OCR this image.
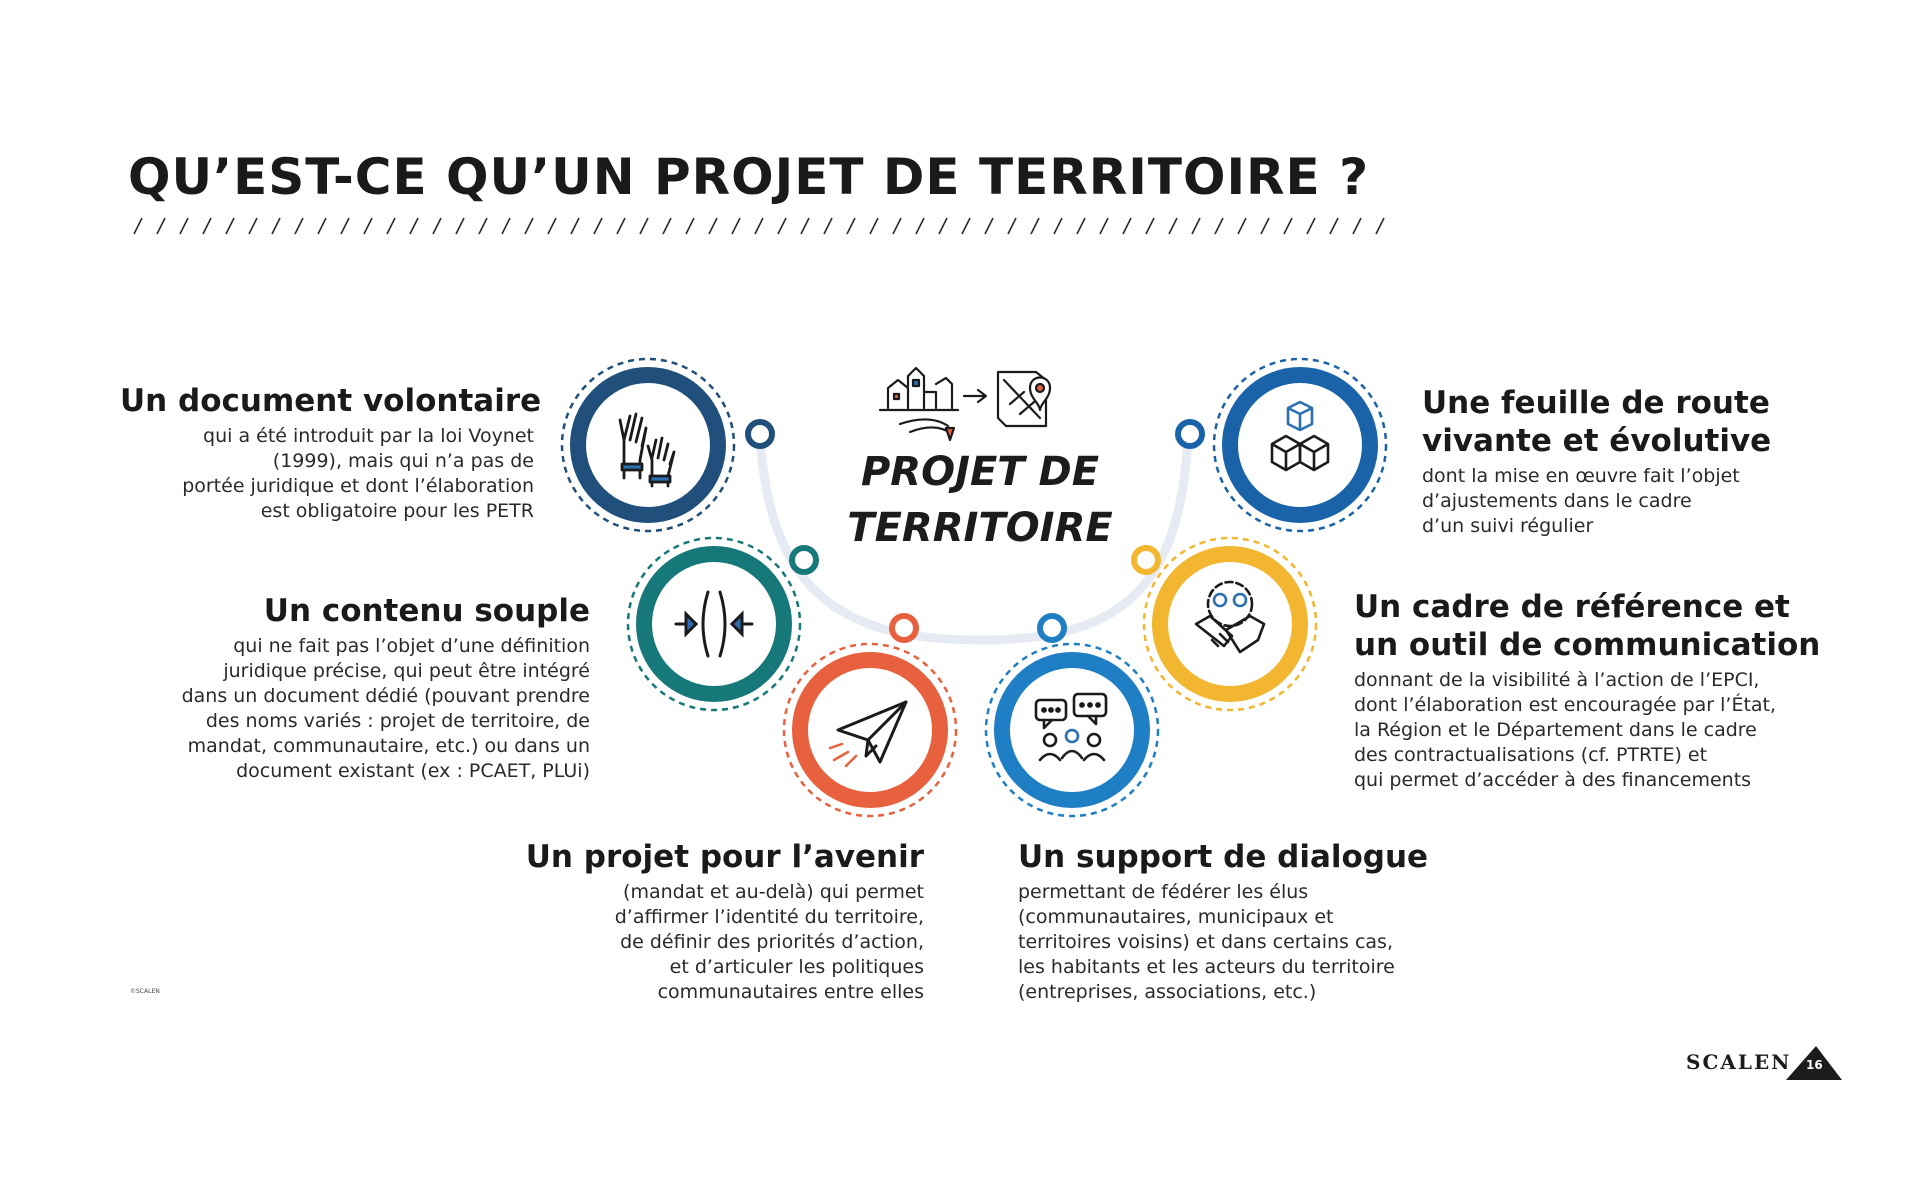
QU’EST-CE QU’UN PROJET DE TERRITOIRE ?
PROJET DE
TERRITOIRE
Un document volontaire

qui a été introduit par la loi Voynet

(1999), mais qui n’a pas de

portée juridique et dont l’élaboration

est obligatoire pour les PETR

Un contenu souple

qui ne fait pas l’objet d’une définition

juridique précise, qui peut être intégré

dans un document dédié (pouvant prendre

des noms variés : projet de territoire, de

mandat, communautaire, etc.) ou dans un

document existant (ex : PCAET, PLUi)

Un projet pour l’avenir

(mandat et au-delà) qui permet

d’affirmer l’identité du territoire,

de définir des priorités d’action,

et d’articuler les politiques

communautaires entre elles

Un support de dialogue

permettant de fédérer les élus

(communautaires, municipaux et

territoires voisins) et dans certains cas,

les habitants et les acteurs du territoire

(entreprises, associations, etc.)

Un cadre de référence et
un outil de communication

donnant de la visibilité à l’action de l’EPCI,

dont l’élaboration est encouragée par l’État,

la Région et le Département dans le cadre

des contractualisations (cf. PTRTE) et

qui permet d’accéder à des financements

Une feuille de route
vivante et évolutive

dont la mise en œuvre fait l’objet

d’ajustements dans le cadre

d’un suivi régulier

©SCALEN
SCALEN 16
